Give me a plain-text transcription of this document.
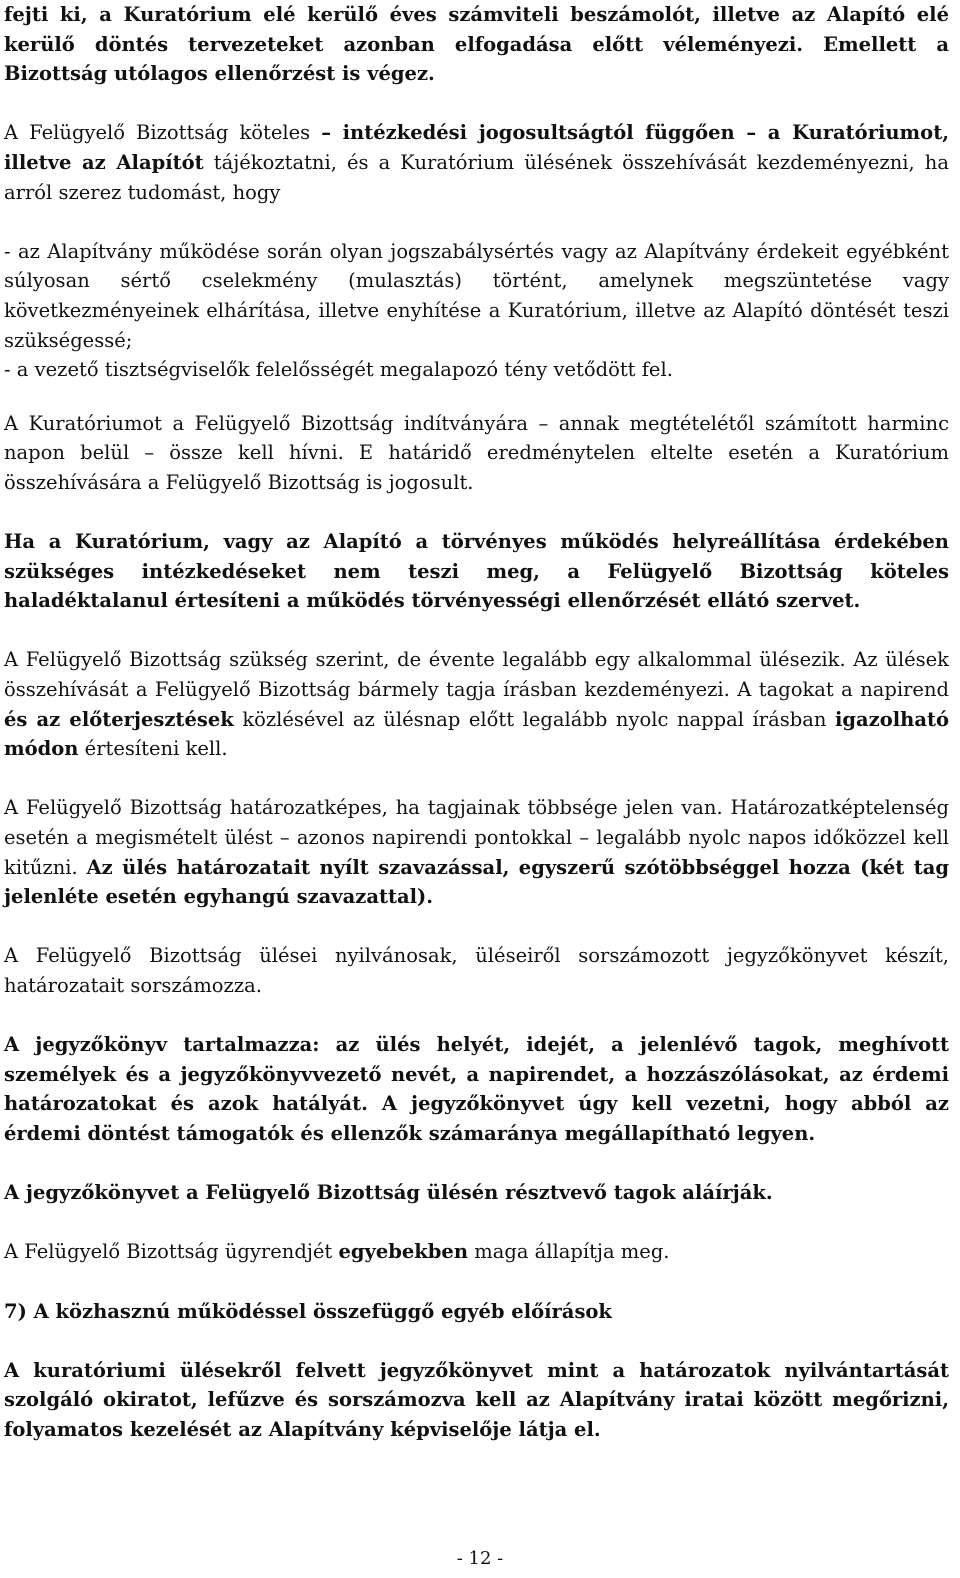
fejti ki, a Kuratórium elé kerülő éves számviteli beszámolót, illetve az Alapító elé kerülő döntés tervezeteket azonban elfogadása előtt véleményezi. Emellett a Bizottság utólagos ellenőrzést is végez.

A Felügyelő Bizottság köteles – intézkedési jogosultságtól függően – a Kuratóriumot, illetve az Alapítót tájékoztatni, és a Kuratórium ülésének összehívását kezdeményezni, ha arról szerez tudomást, hogy

- az Alapítvány működése során olyan jogszabálysértés vagy az Alapítvány érdekeit egyébként súlyosan sértő cselekmény (mulasztás) történt, amelynek megszüntetése vagy következményeinek elhárítása, illetve enyhítése a Kuratórium, illetve az Alapító döntését teszi szükségessé;

- a vezető tisztségviselők felelősségét megalapozó tény vetődött fel.

A Kuratóriumot a Felügyelő Bizottság indítványára – annak megtételétől számított harminc napon belül – össze kell hívni. E határidő eredménytelen eltelte esetén a Kuratórium összehívására a Felügyelő Bizottság is jogosult.

Ha a Kuratórium, vagy az Alapító a törvényes működés helyreállítása érdekében szükséges intézkedéseket nem teszi meg, a Felügyelő Bizottság köteles haladéktalanul értesíteni a működés törvényességi ellenőrzését ellátó szervet.

A Felügyelő Bizottság szükség szerint, de évente legalább egy alkalommal ülésezik. Az ülések összehívását a Felügyelő Bizottság bármely tagja írásban kezdeményezi. A tagokat a napirend és az előterjesztések közlésével az ülésnap előtt legalább nyolc nappal írásban igazolható módon értesíteni kell.

A Felügyelő Bizottság határozatképes, ha tagjainak többsége jelen van. Határozatképtelenség esetén a megismételt ülést – azonos napirendi pontokkal – legalább nyolc napos időközzel kell kitűzni. Az ülés határozatait nyílt szavazással, egyszerű szótöbbséggel hozza (két tag jelenléte esetén egyhangú szavazattal).

A Felügyelő Bizottság ülései nyilvánosak, üléseiről sorszámozott jegyzőkönyvet készít, határozatait sorszámozza.

A jegyzőkönyv tartalmazza: az ülés helyét, idejét, a jelenlévő tagok, meghívott személyek és a jegyzőkönyvvezető nevét, a napirendet, a hozzászólásokat, az érdemi határozatokat és azok hatályát. A jegyzőkönyvet úgy kell vezetni, hogy abból az érdemi döntést támogatók és ellenzők számaránya megállapítható legyen.

A jegyzőkönyvet a Felügyelő Bizottság ülésén résztvevő tagok aláírják.

A Felügyelő Bizottság ügyrendjét egyebekben maga állapítja meg.

7) A közhasznú működéssel összefüggő egyéb előírások

A kuratóriumi ülésekről felvett jegyzőkönyvet mint a határozatok nyilvántartását szolgáló okiratot, lefűzve és sorszámozva kell az Alapítvány iratai között megőrizni, folyamatos kezelését az Alapítvány képviselője látja el.

- 12 -
